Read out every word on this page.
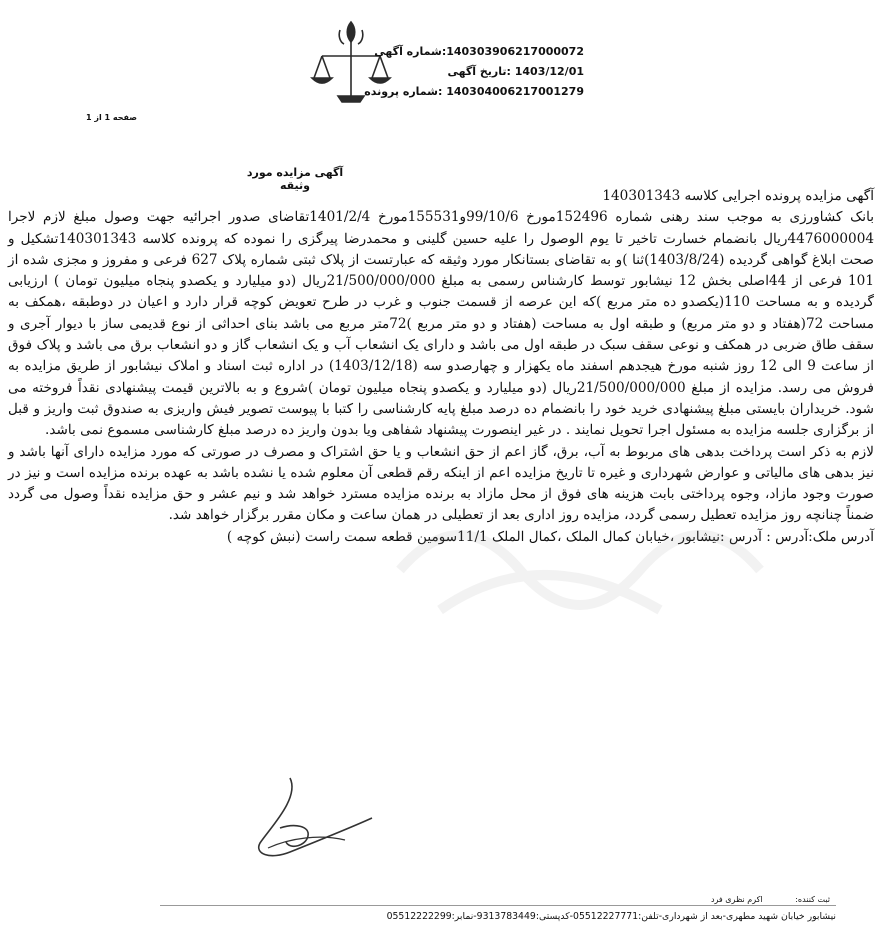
14030390621700007​2:شماره آگهی
1403/12/01 :تاریخ آگهی
140304006217001279 :شماره پرونده
صفحه 1 از 1
آگهی مزایده مورد وثیقه

آگهی مزایده پرونده اجرایی کلاسه 140301343

بانک کشاورزی به موجب سند رهنی شماره 152496مورخ 99/10/6و155531مورخ 1401/2/4تقاضای صدور اجرائیه جهت وصول مبلغ لازم لاجرا 4476000004ریال بانضمام خسارت تاخیر تا یوم الوصول را علیه حسین گلینی و محمدرضا پیرگزی را نموده که پرونده کلاسه 140301343تشکیل و صحت ابلاغ گواهی گردیده (1403/8/24)ثنا )و به تقاضای بستانکار مورد وثیقه که عبارتست از پلاک ثبتی شماره پلاک 627 فرعی و مفروز و مجزی شده از 101 فرعی از 44اصلی بخش 12 نیشابور توسط کارشناس رسمی به مبلغ 21/500/000/000ریال (دو میلیارد و یکصدو پنجاه میلیون تومان ) ارزیابی گردیده و به مساحت 110(یکصدو ده متر مربع )که این عرصه از قسمت جنوب و غرب در طرح تعویض کوچه قرار دارد و اعیان در دوطبقه ،همکف به مساحت 72(هفتاد و دو متر مربع) و طبقه اول به مساحت (هفتاد و دو متر مربع )72متر مربع می باشد بنای احداثی از نوع قدیمی ساز با دیوار آجری و سقف طاق ضربی در همکف و نوعی سقف سبک در طبقه اول می باشد و دارای یک انشعاب آب و یک انشعاب گاز و دو انشعاب برق می باشد و پلاک فوق از ساعت 9 الی 12 روز شنبه مورخ هیجدهم اسفند ماه یکهزار و چهارصدو سه (1403/12/18) در اداره ثبت اسناد و املاک نیشابور از طریق مزایده به فروش می رسد. مزایده از مبلغ 21/500/000/000ریال (دو میلیارد و یکصدو پنجاه میلیون تومان )شروع و به بالاترین قیمت پیشنهادی نقداً فروخته می شود. خریداران بایستی مبلغ پیشنهادی خرید خود را بانضمام ده درصد مبلغ پایه کارشناسی را کتبا با پیوست تصویر فیش واریزی به صندوق ثبت واریز و قبل از برگزاری جلسه مزایده به مسئول اجرا تحویل نمایند . در غیر اینصورت پیشنهاد شفاهی ویا بدون واریز ده درصد مبلغ کارشناسی مسموع نمی باشد.

لازم به ذکر است پرداخت بدهی های مربوط به آب، برق، گاز اعم از حق انشعاب و یا حق اشتراک و مصرف در صورتی که مورد مزایده دارای آنها باشد و نیز بدهی های مالیاتی و عوارض شهرداری و غیره تا تاریخ مزایده اعم از اینکه رقم قطعی آن معلوم شده یا نشده باشد به عهده برنده مزایده است و نیز در صورت وجود مازاد، وجوه پرداختی بابت هزینه های فوق از محل مازاد به برنده مزایده مسترد خواهد شد و نیم عشر و حق مزایده نقداً وصول می گردد ضمناً چنانچه روز مزایده تعطیل رسمی گردد، مزایده روز اداری بعد از تعطیلی در همان ساعت و مکان مقرر برگزار خواهد شد.

آدرس ملک:آدرس : آدرس :نیشابور ،خیابان کمال الملک ،کمال الملک 11/1سومین قطعه سمت راست (نبش کوچه )

ثبت کننده: اکرم نظری فرد
نیشابور خیابان شهید مطهری-بعد از شهرداری-تلفن:05512227771-کدپستی:9313783449-نمابر:05512222299
